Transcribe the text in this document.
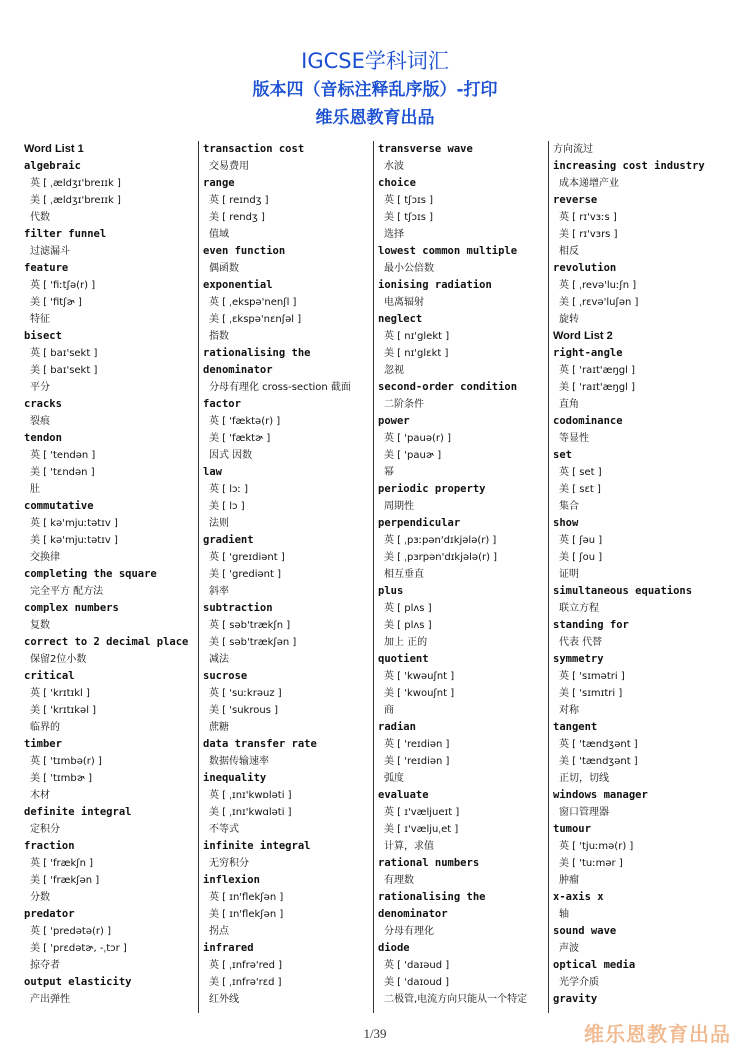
IGCSE学科词汇
版本四（音标注释乱序版）-打印
维乐恩教育出品
Word List 1
algebraic
英 [ ˌældʒɪ'breɪɪk ]
美 [ ˌældʒɪ'breɪɪk ]
代数
filter funnel
过滤漏斗
feature
英 [ 'fiːtʃə(r) ]
美 [ 'fitʃɚ ]
特征
bisect
英 [ baɪ'sekt ]
美 [ baɪ'sekt ]
平分
cracks
裂痕
tendon
英 [ 'tendən ]
美 [ 'tɛndən ]
肚
commutative
英 [ kə'mjuːtətɪv ]
美 [ kə'mjuːtətɪv ]
交换律
completing the square
完全平方 配方法
complex numbers
复数
correct to 2 decimal place
保留2位小数
critical
英 [ 'krɪtɪkl ]
美 [ 'krɪtɪkəl ]
临界的
timber
英 [ 'tɪmbə(r) ]
美 [ 'tɪmbɚ ]
木材
definite integral
定积分
fraction
英 [ 'frækʃn ]
美 [ 'frækʃən ]
分数
predator
英 [ 'predətə(r) ]
美 [ 'prɛdətɚ, -ˌtɔr ]
掠夺者
output elasticity
产出弹性
transaction cost
交易费用
range
英 [ reɪndʒ ]
美 [ rendʒ ]
值域
even function
偶函数
exponential
英 [ ˌekspə'nenʃl ]
美 [ ˌɛkspə'nɛnʃəl ]
指数
rationalising the
denominator
分母有理化 cross-section 截面
factor
英 [ 'fæktə(r) ]
美 [ 'fæktɚ ]
因式 因数
law
英 [ lɔː ]
美 [ lɔ ]
法则
gradient
英 [ 'greɪdiənt ]
美 [ 'grediənt ]
斜率
subtraction
英 [ səb'trækʃn ]
美 [ səb'trækʃən ]
减法
sucrose
英 [ 'suːkrəuz ]
美 [ 'sukrous ]
蔗糖
data transfer rate
数据传输速率
inequality
英 [ ˌɪnɪ'kwɒləti ]
美 [ ˌɪnɪ'kwɑləti ]
不等式
infinite integral
无穷积分
inflexion
英 [ ɪn'flekʃən ]
美 [ ɪn'flekʃən ]
拐点
infrared
英 [ ˌɪnfrə'red ]
美 [ ˌɪnfrə'rɛd ]
红外线
transverse wave
水波
choice
英 [ tʃɔɪs ]
美 [ tʃɔɪs ]
选择
lowest common multiple
最小公倍数
ionising radiation
电离辐射
neglect
英 [ nɪ'glekt ]
美 [ nɪ'glɛkt ]
忽视
second-order condition
二阶条件
power
英 [ 'pauə(r) ]
美 [ 'pauɚ ]
幂
periodic property
周期性
perpendicular
英 [ ˌpɜːpən'dɪkjələ(r) ]
美 [ ˌpɜrpən'dɪkjələ(r) ]
相互垂直
plus
英 [ plʌs ]
美 [ plʌs ]
加上 正的
quotient
英 [ 'kwəuʃnt ]
美 [ 'kwouʃnt ]
商
radian
英 [ 'reɪdiən ]
美 [ 'reɪdiən ]
弧度
evaluate
英 [ ɪ'væljueɪt ]
美 [ ɪ'væljuˌet ]
计算，求值
rational numbers
有理数
rationalising the
denominator
分母有理化
diode
英 [ 'daɪəud ]
美 [ 'daɪoud ]
二极管,电流方向只能从一个特定
方向流过
increasing cost industry
成本递增产业
reverse
英 [ rɪ'vɜːs ]
美 [ rɪ'vɜrs ]
相反
revolution
英 [ ˌrevə'luːʃn ]
美 [ ˌrɛvə'luʃən ]
旋转
Word List 2
right-angle
英 [ 'raɪt'æŋgl ]
美 [ 'raɪt'æŋgl ]
直角
codominance
等显性
set
英 [ set ]
美 [ sɛt ]
集合
show
英 [ ʃəu ]
美 [ ʃou ]
证明
simultaneous equations
联立方程
standing for
代表 代替
symmetry
英 [ 'sɪmətri ]
美 [ 'sɪmɪtri ]
对称
tangent
英 [ 'tændʒənt ]
美 [ 'tændʒənt ]
正切，切线
windows manager
窗口管理器
tumour
英 [ 'tjuːmə(r) ]
美 [ 'tuːmər ]
肿瘤
x-axis x
轴
sound wave
声波
optical media
光学介质
gravity
1/39	维乐恩教育出品
